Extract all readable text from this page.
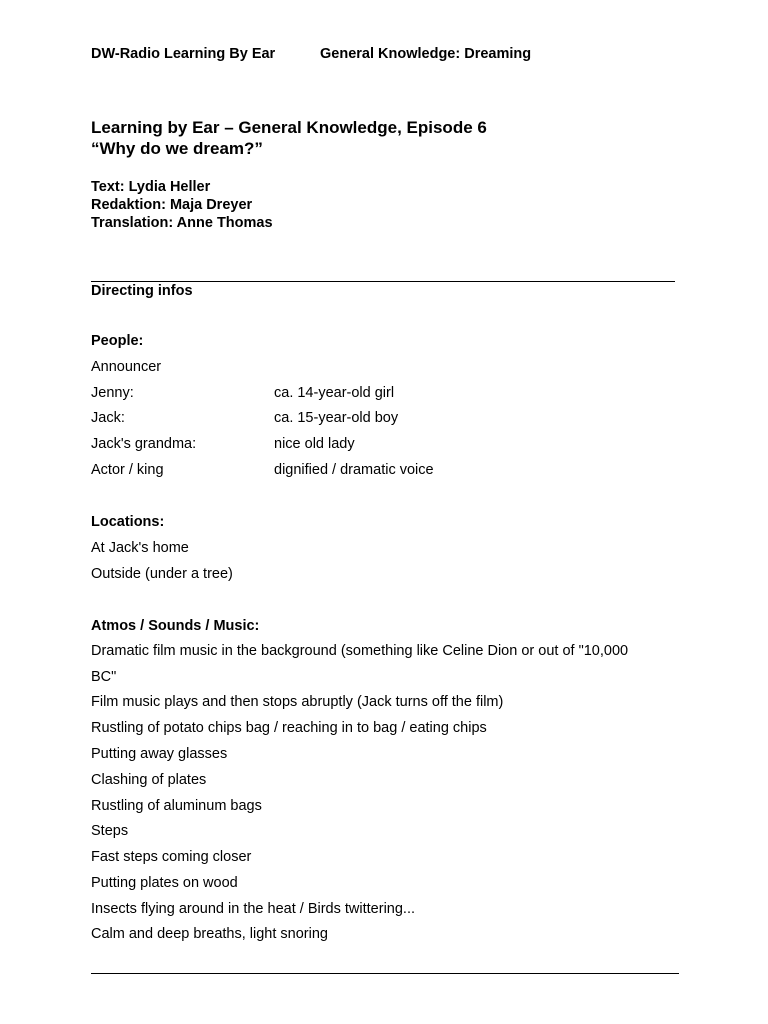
DW-Radio Learning By Ear	General Knowledge: Dreaming
Learning by Ear – General Knowledge, Episode 6
“Why do we dream?”
Text: Lydia Heller
Redaktion: Maja Dreyer
Translation: Anne Thomas
Directing infos
People:
Announcer
Jenny:	ca. 14-year-old girl
Jack:	ca. 15-year-old boy
Jack's grandma:	nice old lady
Actor / king	dignified / dramatic voice
Locations:
At Jack's home
Outside (under a tree)
Atmos / Sounds / Music:
Dramatic film music in the background (something like Celine Dion or out of "10,000
BC"
Film music plays and then stops abruptly (Jack turns off the film)
Rustling of potato chips bag / reaching in to bag / eating chips
Putting away glasses
Clashing of plates
Rustling of aluminum bags
Steps
Fast steps coming closer
Putting plates on wood
Insects flying around in the heat / Birds twittering...
Calm and deep breaths, light snoring
